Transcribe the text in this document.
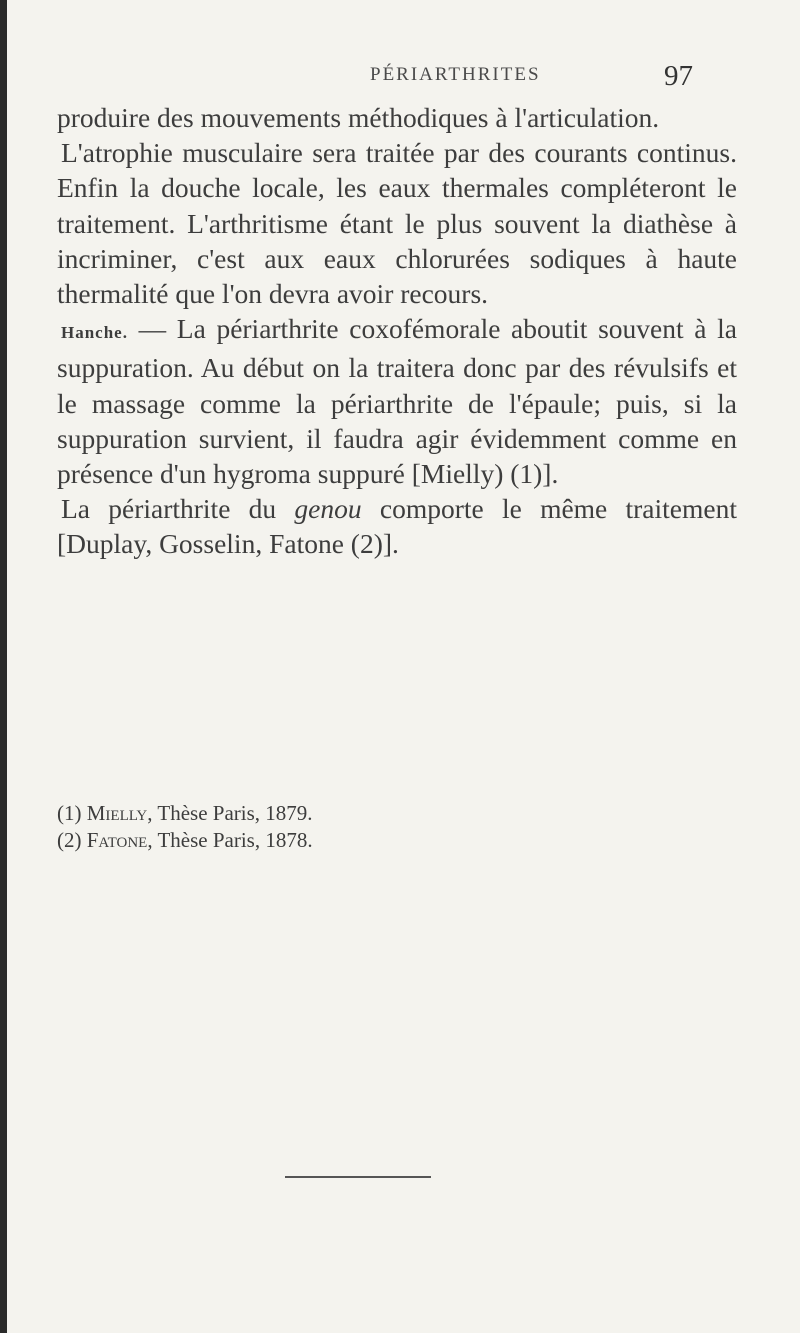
PÉRIARTHRITES	97

produire des mouvements méthodiques à l'articulation.

L'atrophie musculaire sera traitée par des courants continus. Enfin la douche locale, les eaux thermales compléteront le traitement. L'arthritisme étant le plus souvent la diathèse à incriminer, c'est aux eaux chlorurées sodiques à haute thermalité que l'on devra avoir recours.

Hanche. — La périarthrite coxofémorale aboutit souvent à la suppuration. Au début on la traitera donc par des révulsifs et le massage comme la périarthrite de l'épaule; puis, si la suppuration survient, il faudra agir évidemment comme en présence d'un hygroma suppuré [Mielly) (1)].

La périarthrite du genou comporte le même traitement [Duplay, Gosselin, Fatone (2)].

(1) Mielly, Thèse Paris, 1879.

(2) Fatone, Thèse Paris, 1878.
